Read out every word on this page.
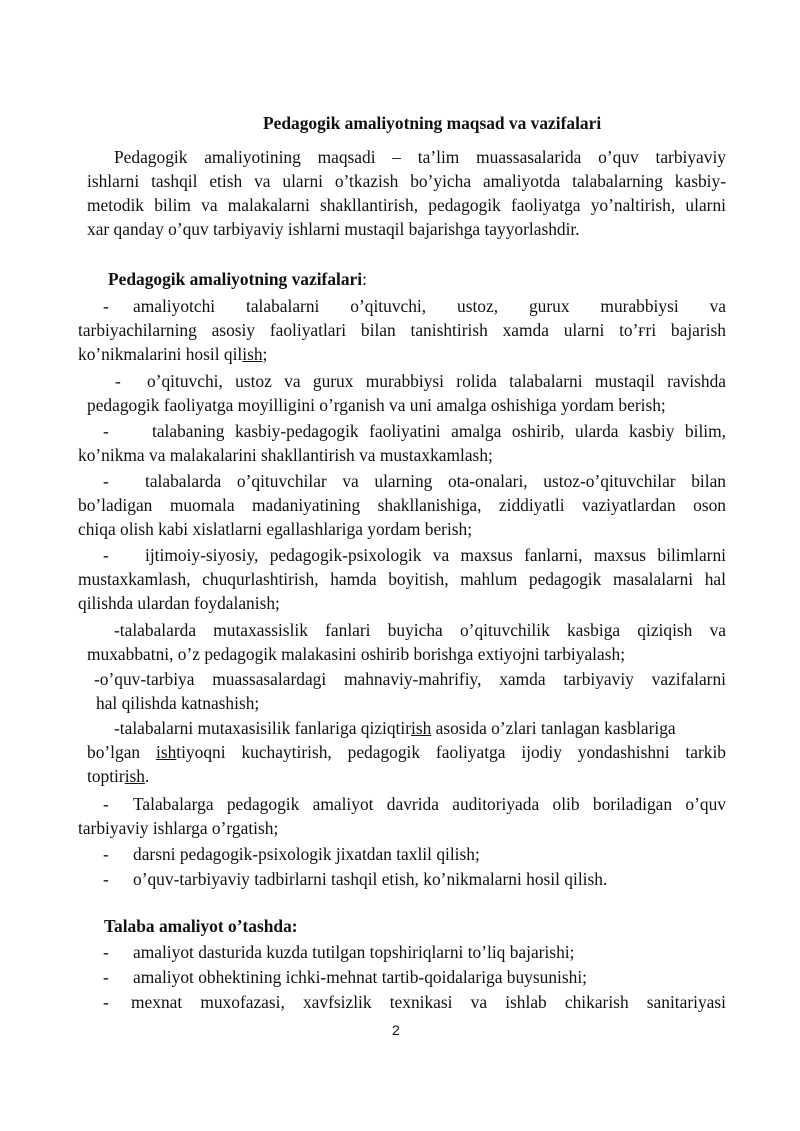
Pedagogik amaliyotning maqsad va vazifalari
Pedagogik amaliyotining maqsadi – ta’lim muassasalarida o’quv tarbiyaviy
ishlarni tashqil etish va ularni o’tkazish bo’yicha amaliyotda talabalarning kasbiy-
metodik bilim va malakalarni shakllantirish, pedagogik faoliyatga yo’naltirish, ularni
xar qanday o’quv tarbiyaviy ishlarni mustaqil bajarishga tayyorlashdir.
Pedagogik amaliyotning vazifalari:
- amaliyotchi talabalarni o’qituvchi, ustoz, gurux murabbiysi va
tarbiyachilarning asosiy faoliyatlari bilan tanishtirish xamda ularni to’ғri bajarish
ko’nikmalarini hosil qilish;
- o’qituvchi, ustoz va gurux murabbiysi rolida talabalarni mustaqil ravishda
pedagogik faoliyatga moyilligini o’rganish va uni amalga oshishiga yordam berish;
- talabaning kasbiy-pedagogik faoliyatini amalga oshirib, ularda kasbiy bilim,
ko’nikma va malakalarini shakllantirish va mustaxkamlash;
- talabalarda o’qituvchilar va ularning ota-onalari, ustoz-o’qituvchilar bilan
bo’ladigan muomala madaniyatining shakllanishiga, ziddiyatli vaziyatlardan oson
chiqa olish kabi xislatlarni egallashlariga yordam berish;
- ijtimoiy-siyosiy, pedagogik-psixologik va maxsus fanlarni, maxsus bilimlarni
mustaxkamlash, chuqurlashtirish, hamda boyitish, mahlum pedagogik masalalarni hal
qilishda ulardan foydalanish;
-talabalarda mutaxassislik fanlari buyicha o’qituvchilik kasbiga qiziqish va
muxabbatni, o’z pedagogik malakasini oshirib borishga extiyojni tarbiyalash;
-o’quv-tarbiya muassasalardagi mahnaviy-mahrifiy, xamda tarbiyaviy vazifalarni
hal qilishda katnashish;
-talabalarni mutaxasisilik fanlariga qiziqtirish asosida o’zlari tanlagan kasblariga
bo’lgan ishtiyoqni kuchaytirish, pedagogik faoliyatga ijodiy yondashishni tarkib
toptirish.
- Talabalarga pedagogik amaliyot davrida auditoriyada olib boriladigan o’quv
tarbiyaviy ishlarga o’rgatish;
- darsni pedagogik-psixologik jixatdan taxlil qilish;
- o’quv-tarbiyaviy tadbirlarni tashqil etish, ko’nikmalarni hosil qilish.
Talaba amaliyot o’tashda:
- amaliyot dasturida kuzda tutilgan topshiriqlarni to’liq bajarishi;
- amaliyot obhektining ichki-mehnat tartib-qoidalariga buysunishi;
- mexnat muxofazasi, xavfsizlik texnikasi va ishlab chikarish sanitariyasi
2
